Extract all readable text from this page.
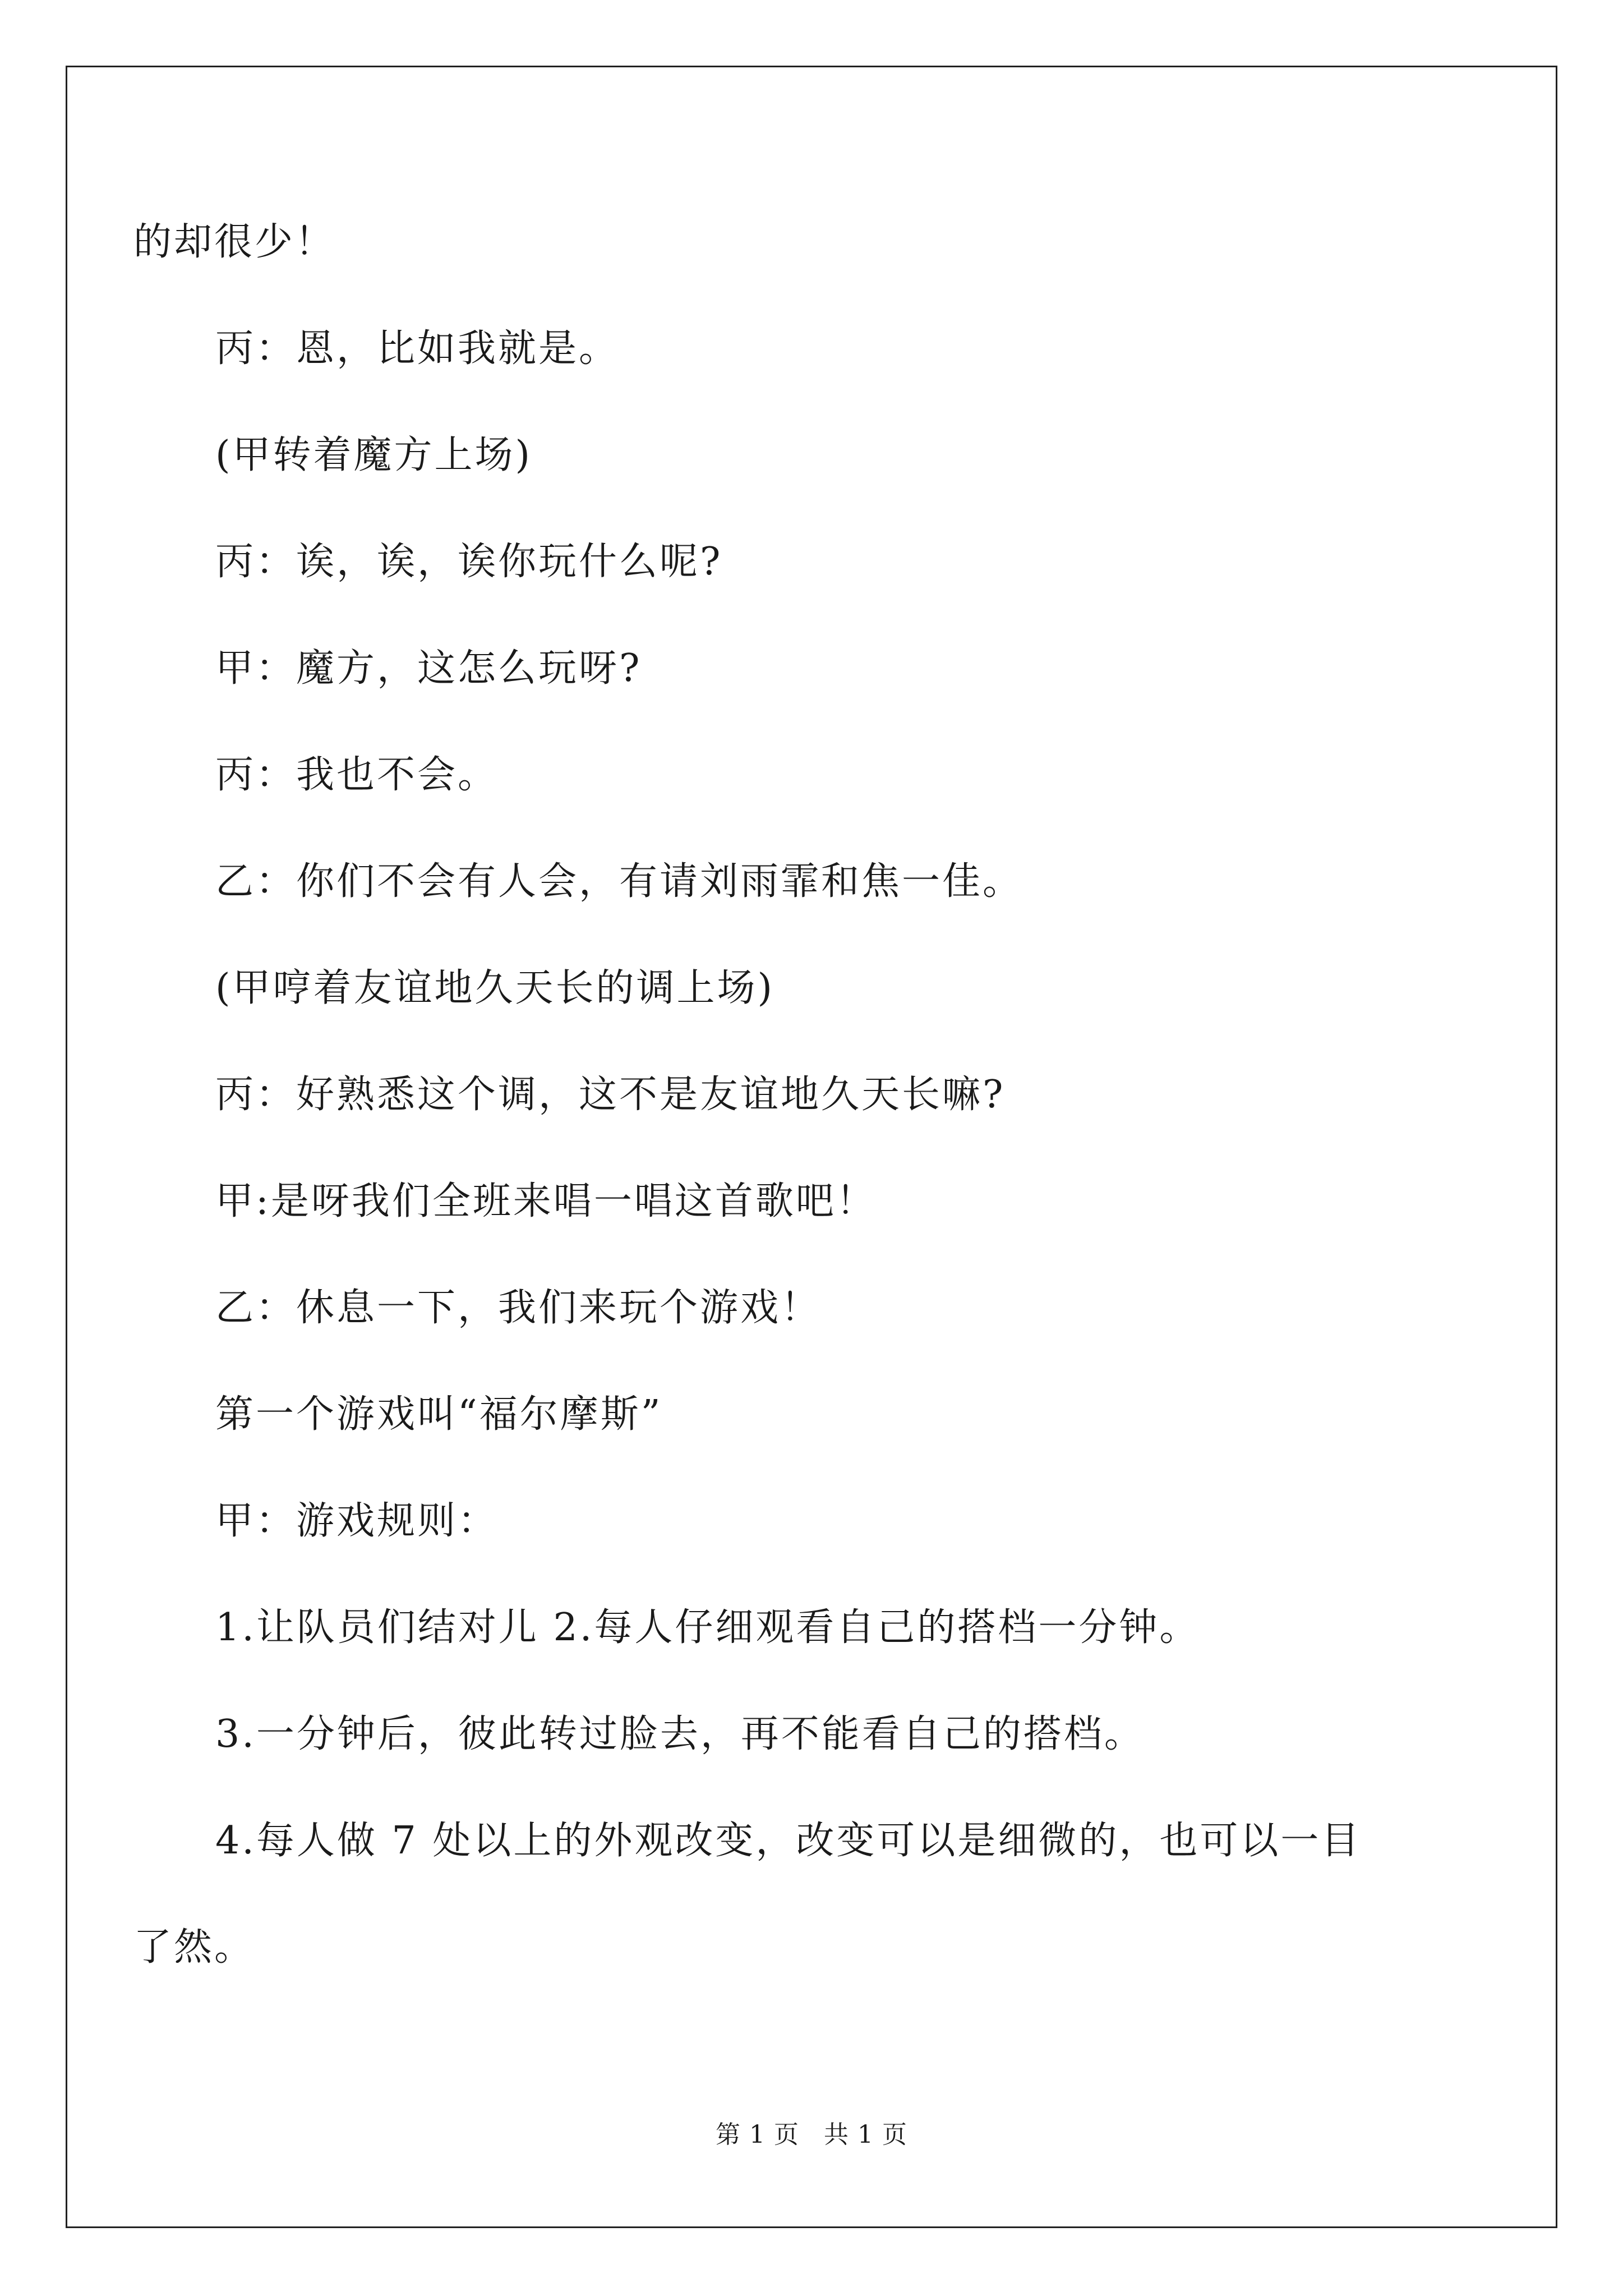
的却很少！
丙：恩，比如我就是。
(甲转着魔方上场)
丙：诶，诶，诶你玩什么呢?
甲：魔方，这怎么玩呀?
丙：我也不会。
乙：你们不会有人会，有请刘雨霏和焦一佳。
(甲哼着友谊地久天长的调上场)
丙：好熟悉这个调，这不是友谊地久天长嘛?
甲:是呀我们全班来唱一唱这首歌吧！
乙：休息一下，我们来玩个游戏！
第一个游戏叫“福尔摩斯”
甲：游戏规则：
1.让队员们结对儿 2.每人仔细观看自己的搭档一分钟。
3.一分钟后，彼此转过脸去，再不能看自己的搭档。
4.每人做 7 处以上的外观改变，改变可以是细微的，也可以一目
了然。
第 1 页 共 1 页
